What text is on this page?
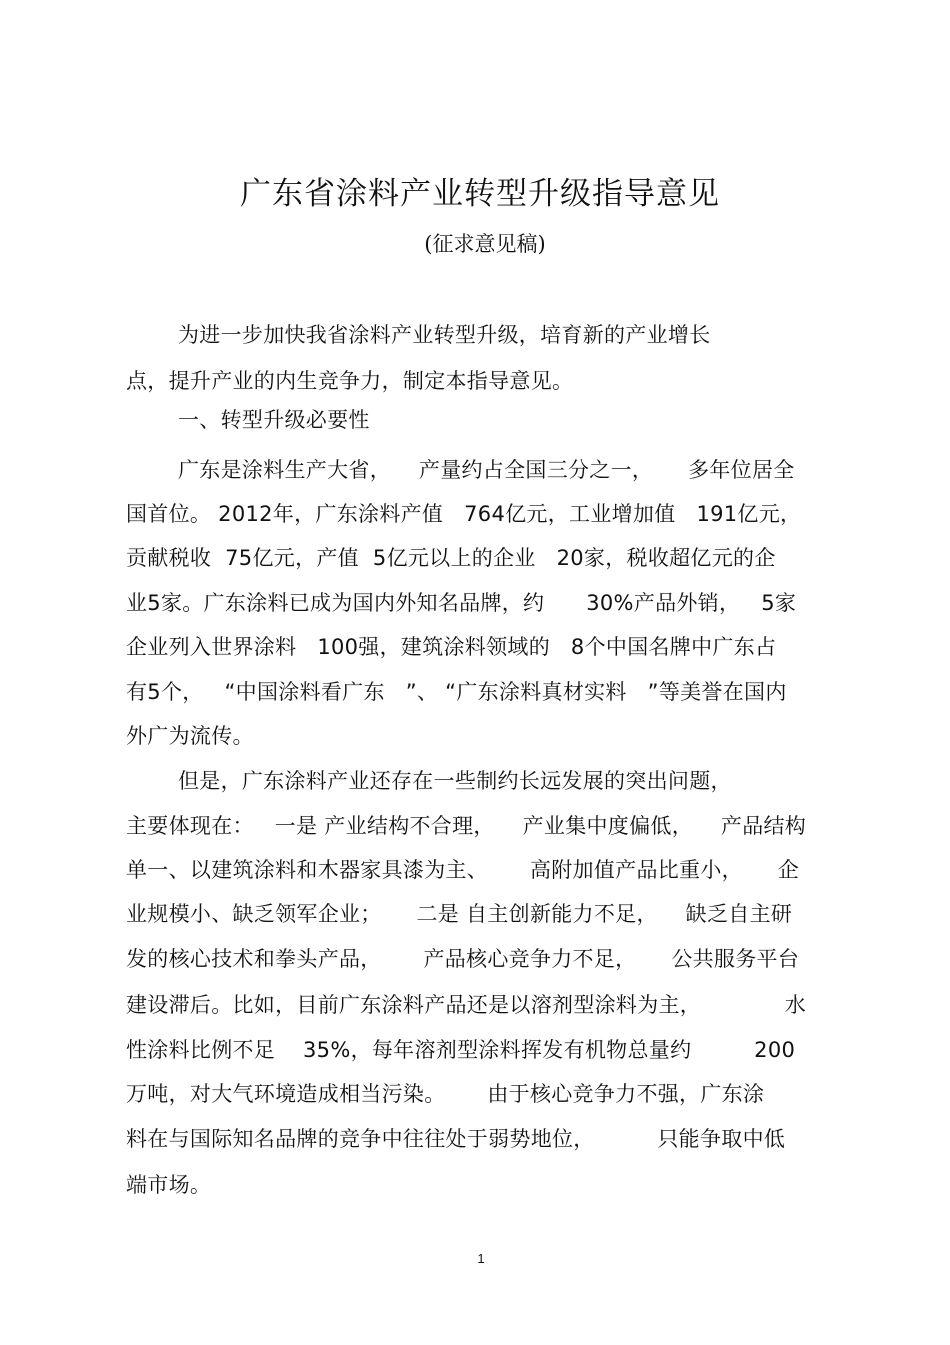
广东省涂料产业转型升级指导意见
(征求意见稿)
为进一步加快我省涂料产业转型升级，培育新的产业增长
点，提升产业的内生竞争力，制定本指导意见。
一、转型升级必要性
广东是涂料生产大省，    产量约占全国三分之一，     多年位居全
国首位。 2012年，广东涂料产值   764亿元，工业增加值   191亿元，
贡献税收  75亿元，产值  5亿元以上的企业   20家，税收超亿元的企
业5家。广东涂料已成为国内外知名品牌，约      30%产品外销，   5家
企业列入世界涂料   100强，建筑涂料领域的   8个中国名牌中广东占
有5个，   “中国涂料看广东   ”、 “广东涂料真材实料   ”等美誉在国内
外广为流传。
但是，广东涂料产业还存在一些制约长远发展的突出问题，
主要体现在：   一是 产业结构不合理，    产业集中度偏低，    产品结构
单一、以建筑涂料和木器家具漆为主、      高附加值产品比重小，     企
业规模小、缺乏领军企业；     二是 自主创新能力不足，    缺乏自主研
发的核心技术和拳头产品，      产品核心竞争力不足，     公共服务平台
建设滞后。比如，目前广东涂料产品还是以溶剂型涂料为主，            水
性涂料比例不足    35%，每年溶剂型涂料挥发有机物总量约         200
万吨，对大气环境造成相当污染。      由于核心竞争力不强，广东涂
料在与国际知名品牌的竞争中往往处于弱势地位，         只能争取中低
端市场。
1
